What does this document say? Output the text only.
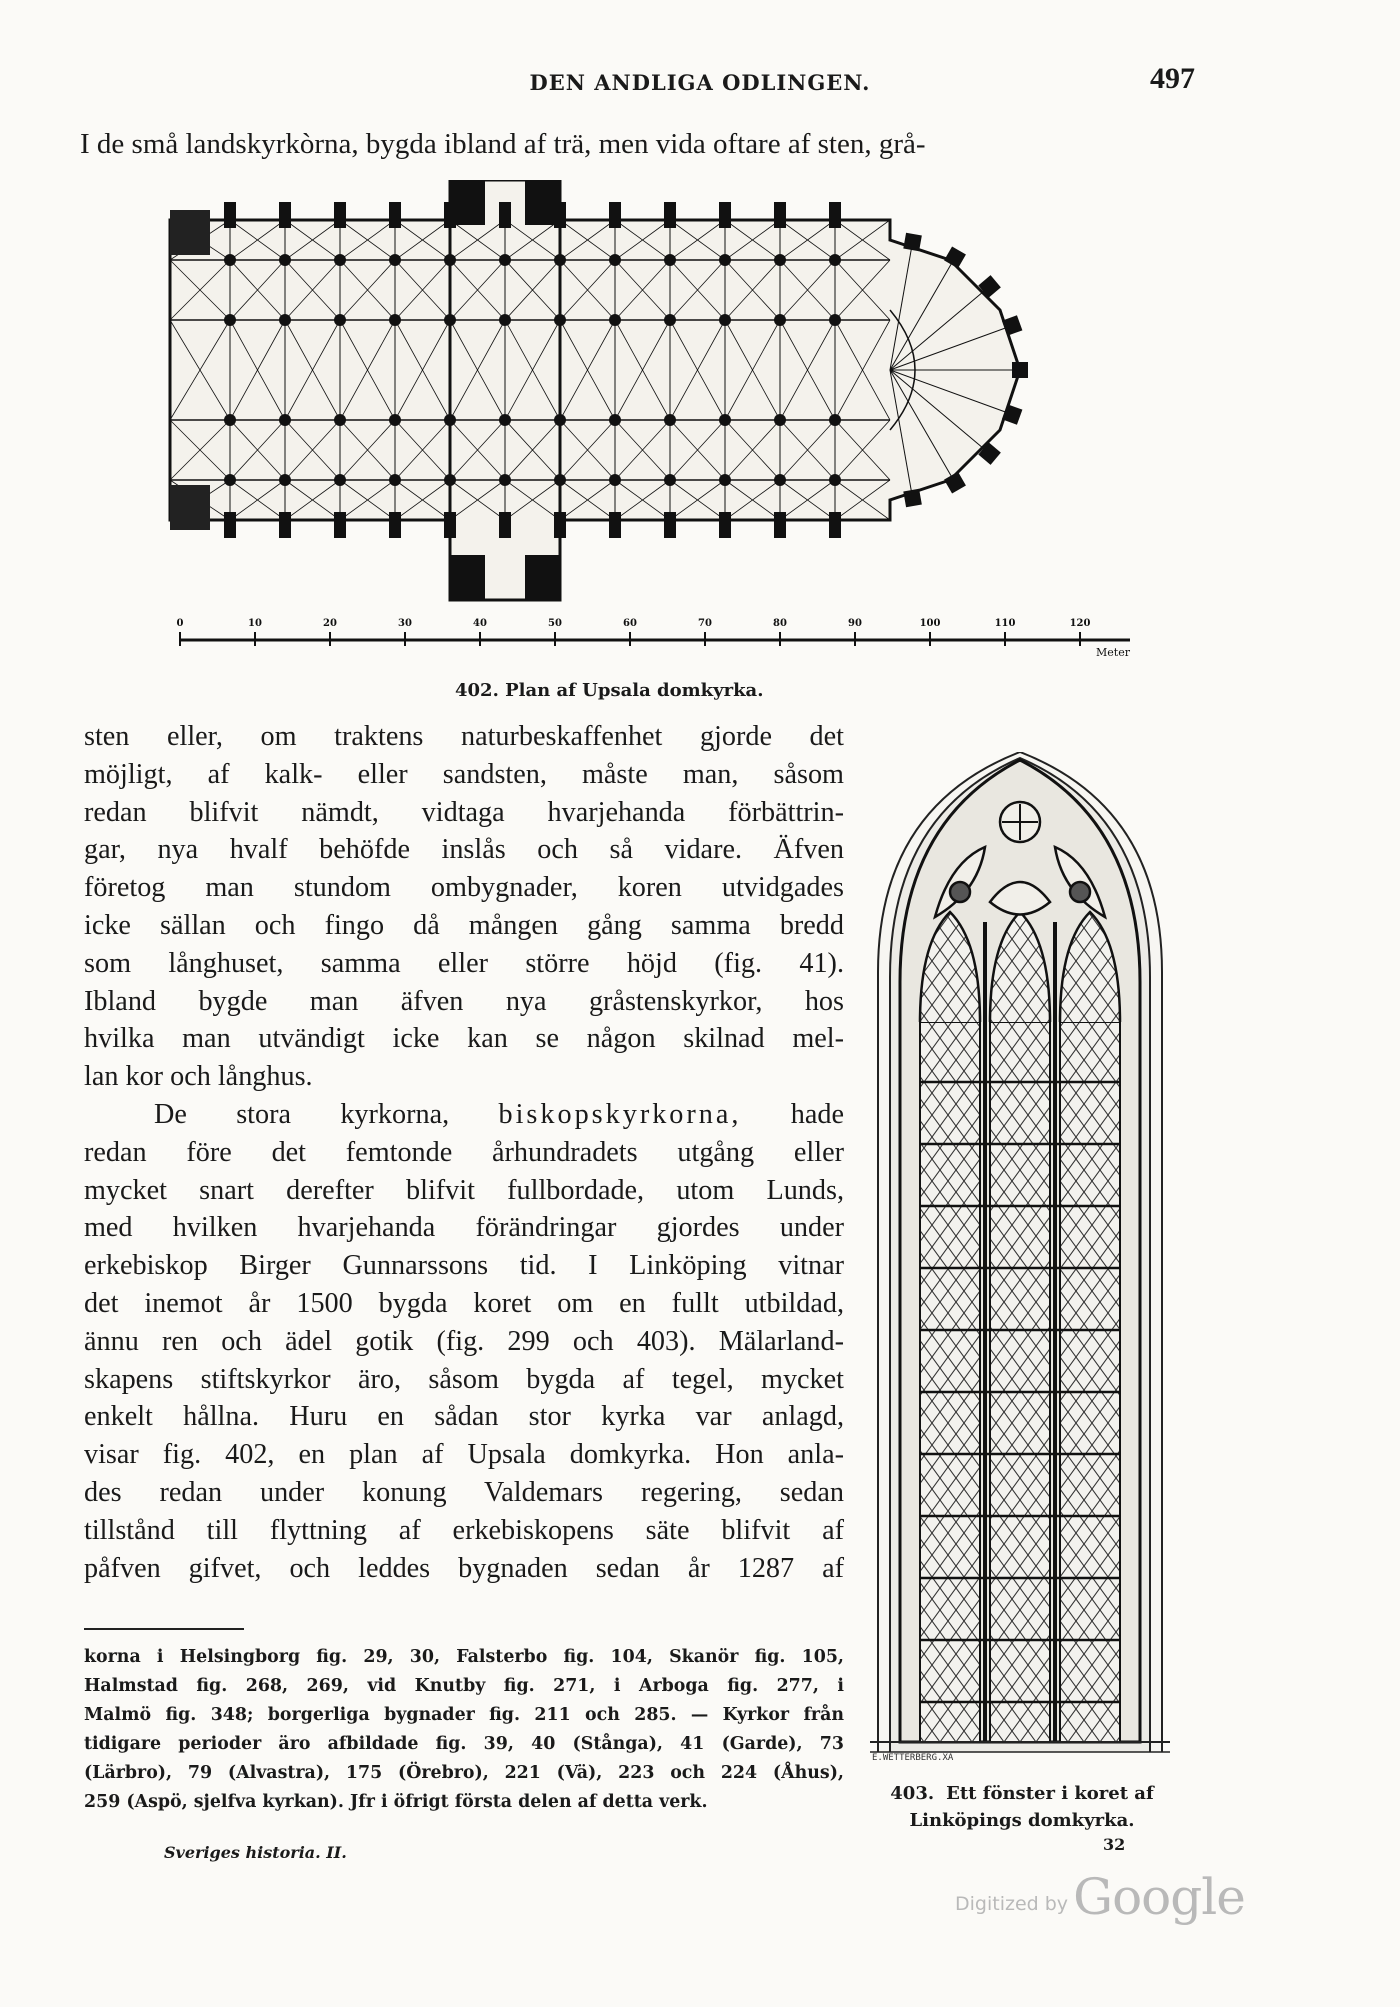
DEN ANDLIGA ODLINGEN.	497
I de små landskyrkòrna, bygda ibland af trä, men vida oftare af sten, grå-
0	10	20	30	40	50	60	70	80	90	100	110	120
Meter
402. Plan af Upsala domkyrka.
sten eller, om traktens naturbeskaffenhet gjorde det
möjligt, af kalk- eller sandsten, måste man, såsom
redan blifvit nämdt, vidtaga hvarjehanda förbättrin-
gar, nya hvalf behöfde inslås och så vidare. Äfven
företog man stundom ombygnader, koren utvidgades
icke sällan och fingo då mången gång samma bredd
som långhuset, samma eller större höjd (fig. 41).
Ibland bygde man äfven nya gråstenskyrkor, hos
hvilka man utvändigt icke kan se någon skilnad mel-
lan kor och långhus.
De stora kyrkorna, biskopskyrkorna, hade
redan före det femtonde århundradets utgång eller
mycket snart derefter blifvit fullbordade, utom Lunds,
med hvilken hvarjehanda förändringar gjordes under
erkebiskop Birger Gunnarssons tid. I Linköping vitnar
det inemot år 1500 bygda koret om en fullt utbildad,
ännu ren och ädel gotik (fig. 299 och 403). Mälarland-
skapens stiftskyrkor äro, såsom bygda af tegel, mycket
enkelt hållna. Huru en sådan stor kyrka var anlagd,
visar fig. 402, en plan af Upsala domkyrka. Hon anla-
des redan under konung Valdemars regering, sedan
tillstånd till flyttning af erkebiskopens säte blifvit af
påfven gifvet, och leddes bygnaden sedan år 1287 af
korna i Helsingborg fig. 29, 30, Falsterbo fig. 104, Skanör fig. 105,
Halmstad fig. 268, 269, vid Knutby fig. 271, i Arboga fig. 277, i
Malmö fig. 348; borgerliga bygnader fig. 211 och 285. — Kyrkor från
tidigare perioder äro afbildade fig. 39, 40 (Stånga), 41 (Garde), 73
(Lärbro), 79 (Alvastra), 175 (Örebro), 221 (Vä), 223 och 224 (Åhus),
259 (Aspö, sjelfva kyrkan). Jfr i öfrigt första delen af detta verk.
Sveriges historia. II.
E.WETTERBERG.XA
403. Ett fönster i koret af
Linköpings domkyrka.
32
Digitized by Google
